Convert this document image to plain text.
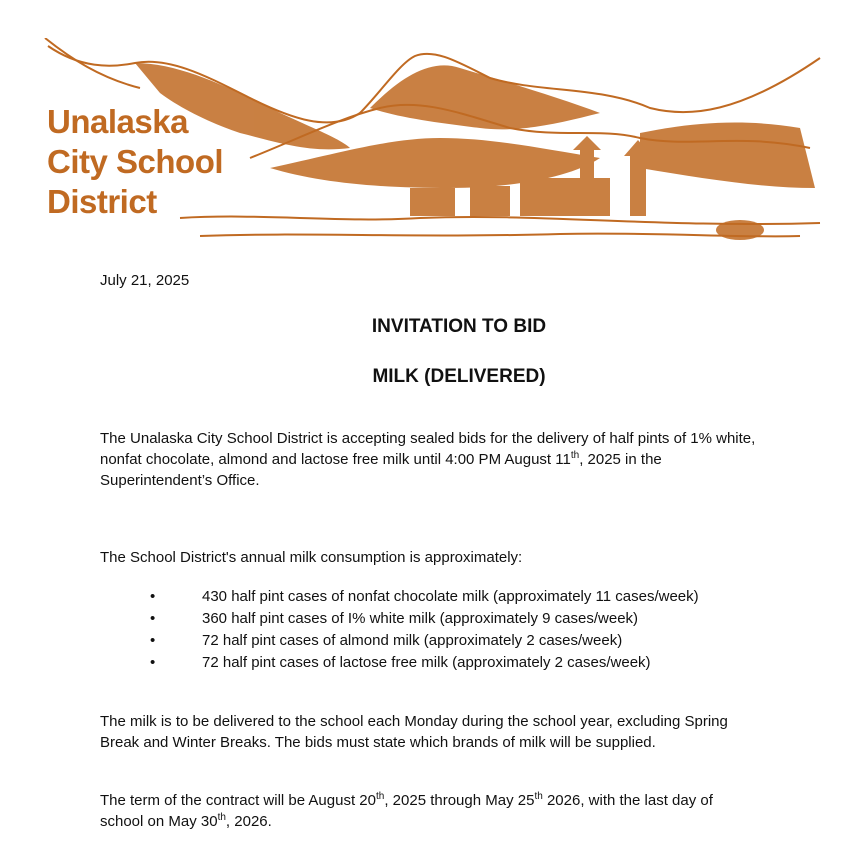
Unalaska
City School
District
July 21, 2025
INVITATION TO BID
MILK (DELIVERED)
The Unalaska City School District is accepting sealed bids for the delivery of half pints of 1% white, nonfat chocolate, almond and lactose free milk until 4:00 PM August 11th, 2025 in the Superintendent’s Office.
The School District's annual milk consumption is approximately:
•	430 half pint cases of nonfat chocolate milk (approximately 11 cases/week)
•	360 half pint cases of I% white milk (approximately 9 cases/week)
•	72 half pint cases of almond milk (approximately 2 cases/week)
•	72 half pint cases of lactose free milk (approximately 2 cases/week)
The milk is to be delivered to the school each Monday during the school year, excluding Spring Break and Winter Breaks. The bids must state which brands of milk will be supplied.
The term of the contract will be August 20th, 2025 through May 25th 2026, with the last day of school on May 30th, 2026.
